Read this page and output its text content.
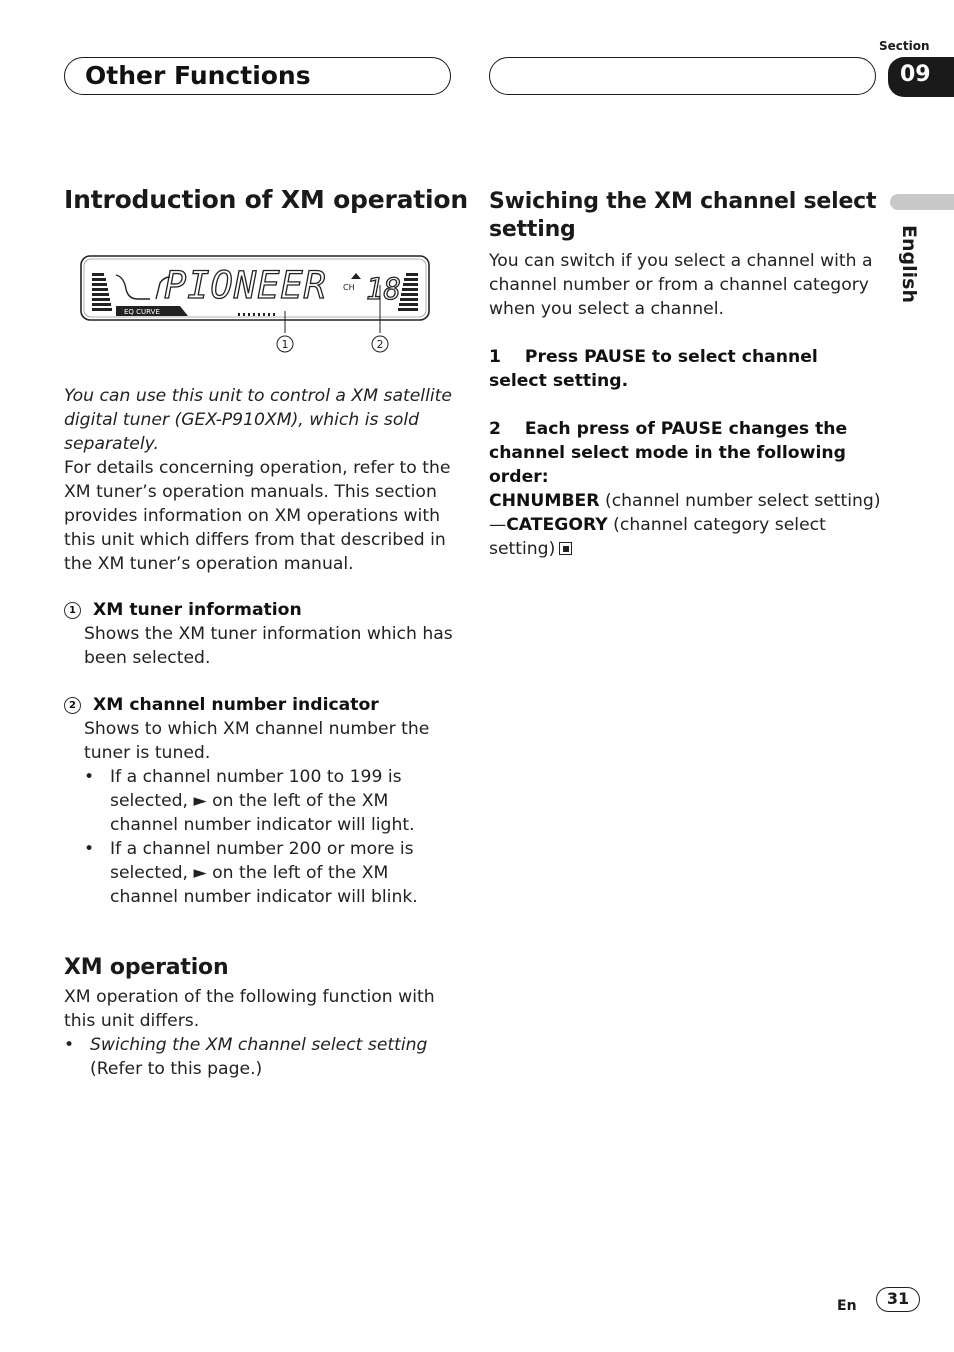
Other Functions
Section
09
English
Introduction of XM operation
EQ CURVE
PIONEER CH 18
1	2
You can use this unit to control a XM satellite digital tuner (GEX-P910XM), which is sold separately.
For details concerning operation, refer to the XM tuner’s operation manuals. This section provides information on XM operations with this unit which differs from that described in the XM tuner’s operation manual.
1 XM tuner information
Shows the XM tuner information which has been selected.
2 XM channel number indicator
Shows to which XM channel number the tuner is tuned.
• If a channel number 100 to 199 is selected, ► on the left of the XM channel number indicator will light.
• If a channel number 200 or more is selected, ► on the left of the XM channel number indicator will blink.
XM operation
XM operation of the following function with this unit differs.
• Swiching the XM channel select setting
(Refer to this page.)
Swiching the XM channel select setting
You can switch if you select a channel with a channel number or from a channel category when you select a channel.
1    Press PAUSE to select channel select setting.
2    Each press of PAUSE changes the channel select mode in the following order:
CHNUMBER (channel number select setting)
—CATEGORY (channel category select setting)
En	31
